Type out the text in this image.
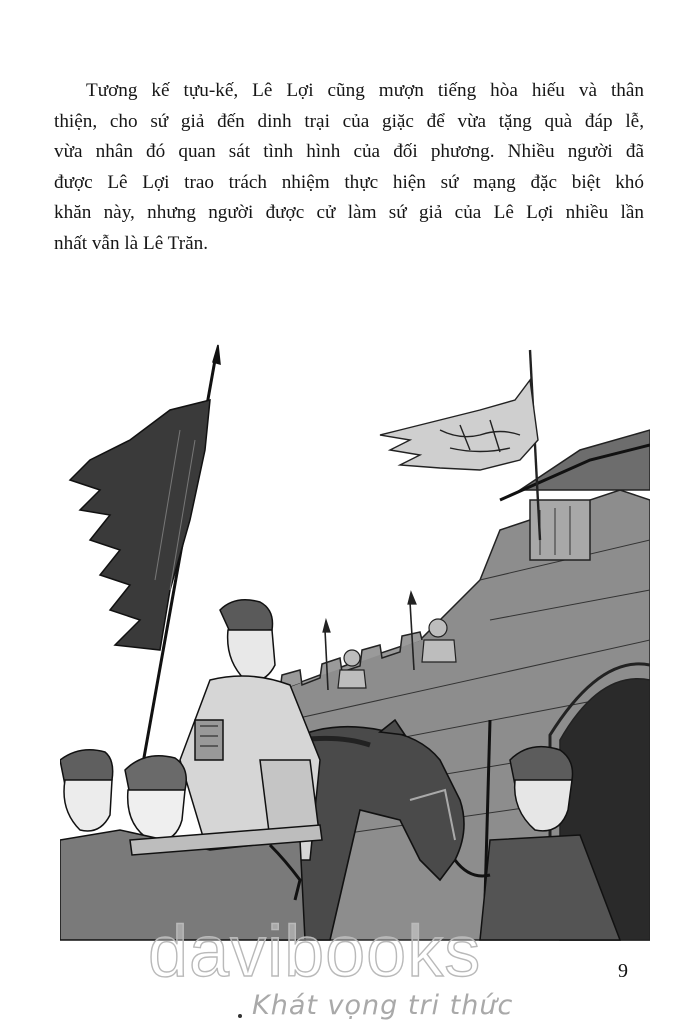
Tương kế tựu-kế, Lê Lợi cũng mượn tiếng hòa hiếu và thân
thiện, cho sứ giả đến dinh trại của giặc để vừa tặng quà đáp lễ,
vừa nhân đó quan sát tình hình của đối phương. Nhiều người đã
được Lê Lợi trao trách nhiệm thực hiện sứ mạng đặc biệt khó
khăn này, nhưng người được cử làm sứ giả của Lê Lợi nhiều lần
nhất vẫn là Lê Trăn.

davibooks	9
Khát vọng tri thức
